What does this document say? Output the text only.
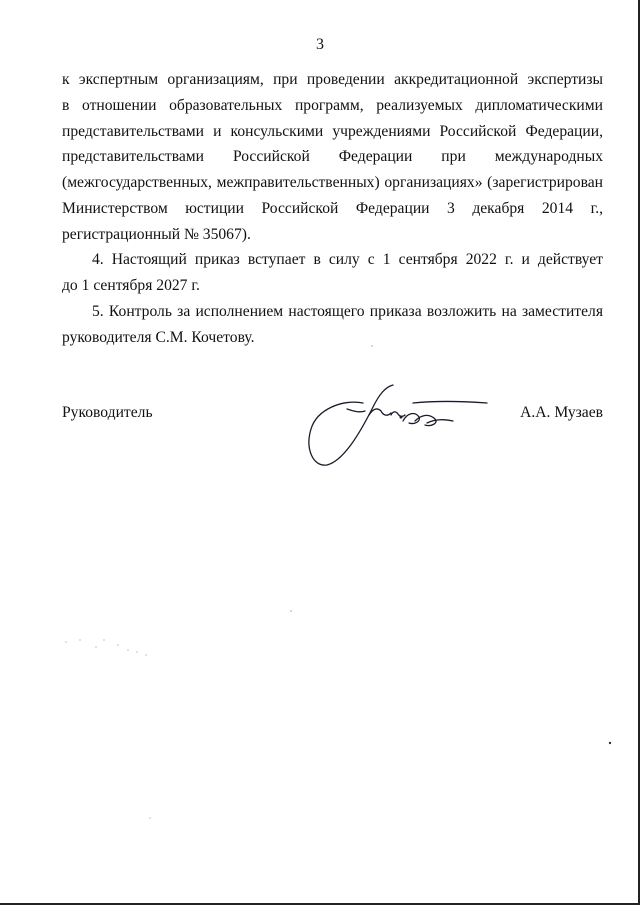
3
к экспертным организациям, при проведении аккредитационной экспертизы
в отношении образовательных программ, реализуемых дипломатическими
представительствами и консульскими учреждениями Российской Федерации,
представительствами Российской Федерации при международных
(межгосударственных, межправительственных) организациях» (зарегистрирован
Министерством юстиции Российской Федерации 3 декабря 2014 г.,
регистрационный № 35067).
4. Настоящий приказ вступает в силу с 1 сентября 2022 г. и действует
до 1 сентября 2027 г.
5. Контроль за исполнением настоящего приказа возложить на заместителя
руководителя С.М. Кочетову.
Руководитель	А.А. Музаев
